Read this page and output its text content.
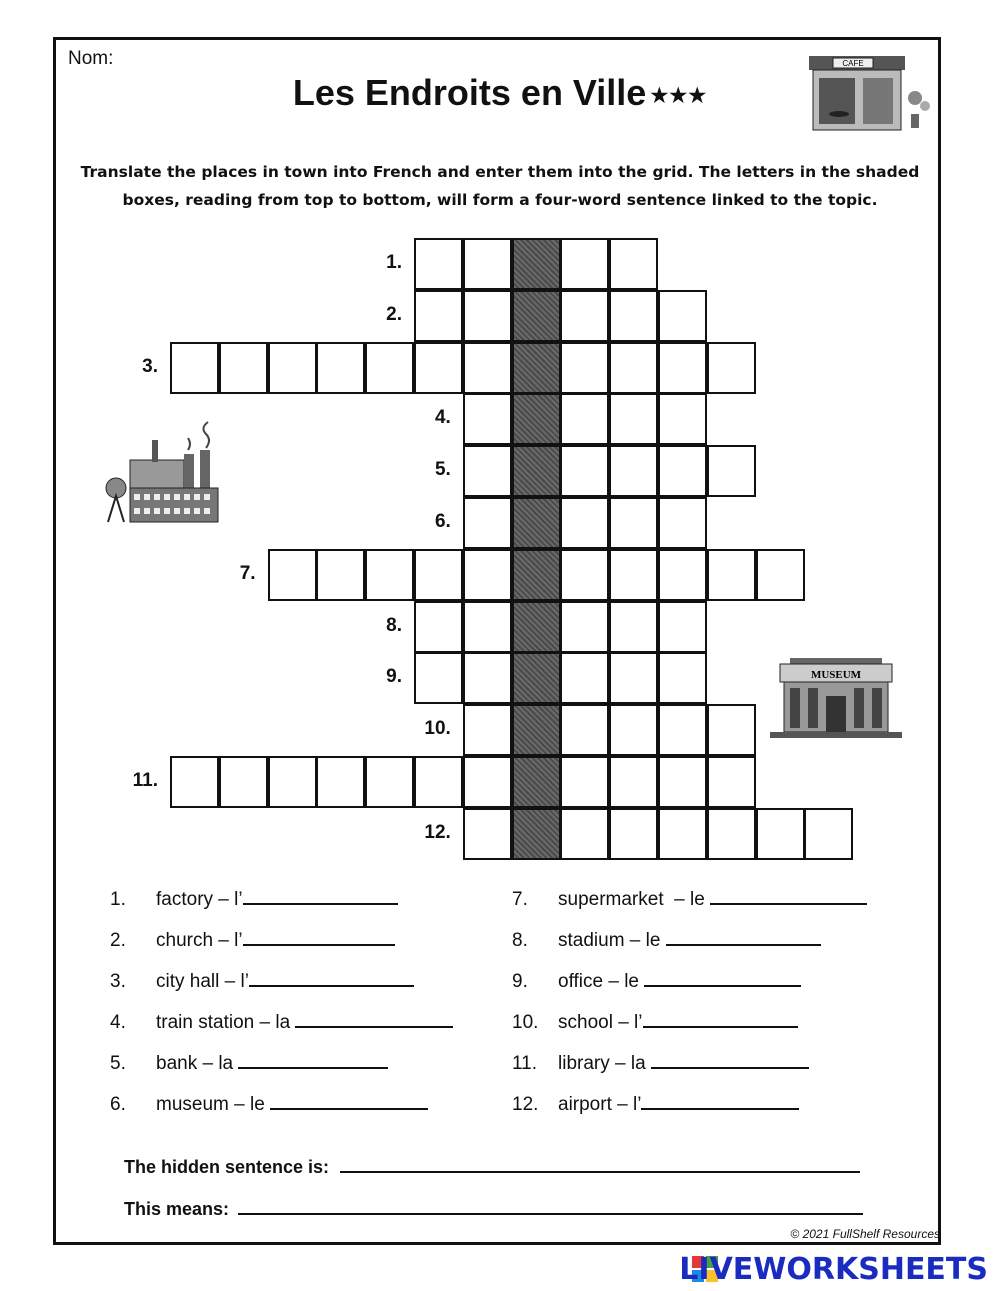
Nom:
Les Endroits en Ville ★★★
Translate the places in town into French and enter them into the grid. The letters in the shaded boxes, reading from top to bottom, will form a four-word sentence linked to the topic.
CAFE
MUSEUM
1.
2.
3.
4.
5.
6.
7.
8.
9.
10.
11.
12.
1. factory – l’
2. church – l’
3. city hall – l’
4. train station – la
5. bank – la
6. museum – le
7. supermarket  – le
8. stadium – le
9. office – le
10. school – l’
11. library – la
12. airport – l’
The hidden sentence is:
This means:
© 2021 FullShelf Resources
LIVEWORKSHEETS
